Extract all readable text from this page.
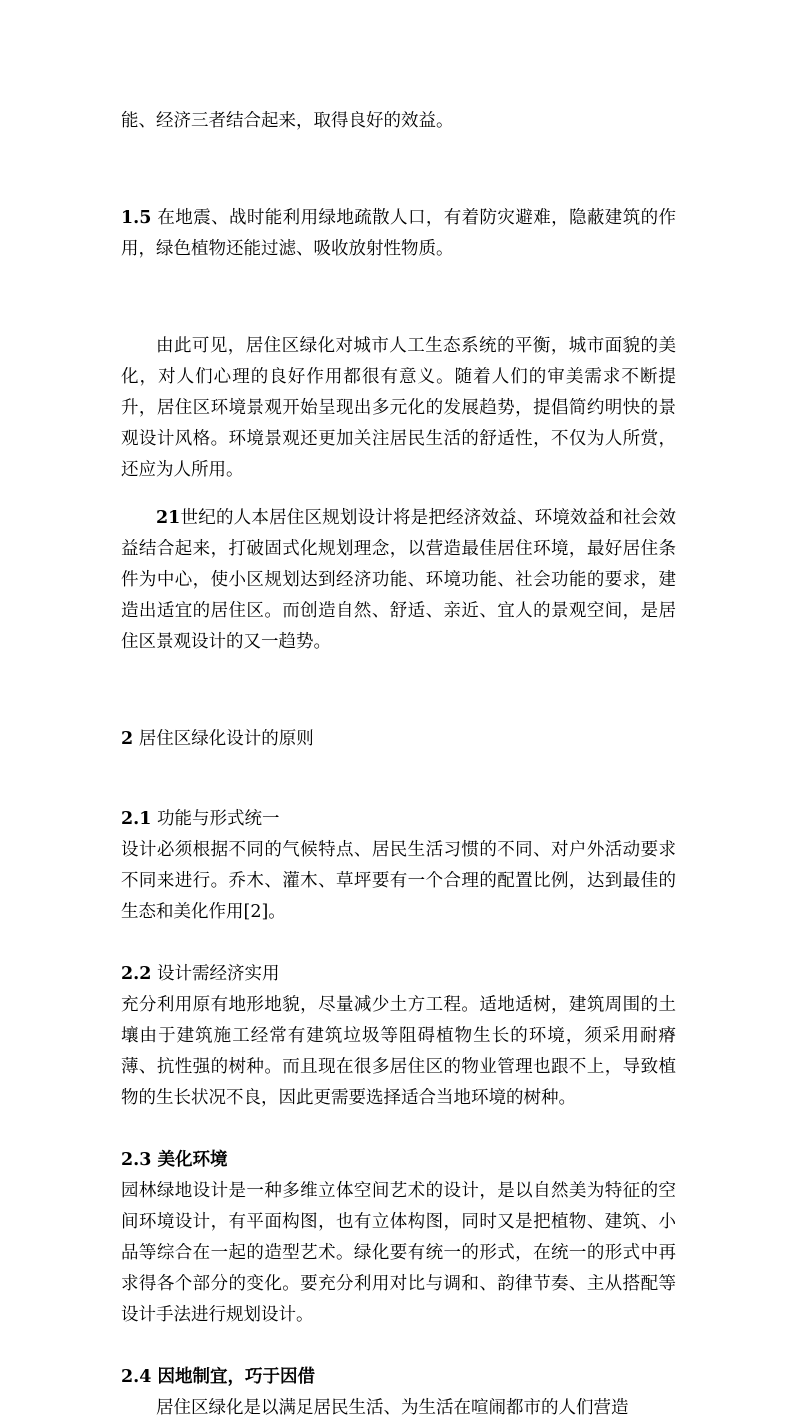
能、经济三者结合起来，取得良好的效益。

1.5 在地震、战时能利用绿地疏散人口，有着防灾避难，隐蔽建筑的作用，绿色植物还能过滤、吸收放射性物质。

由此可见，居住区绿化对城市人工生态系统的平衡，城市面貌的美化，对人们心理的良好作用都很有意义。随着人们的审美需求不断提升，居住区环境景观开始呈现出多元化的发展趋势，提倡简约明快的景观设计风格。环境景观还更加关注居民生活的舒适性，不仅为人所赏，还应为人所用。

21世纪的人本居住区规划设计将是把经济效益、环境效益和社会效益结合起来，打破固式化规划理念，以营造最佳居住环境，最好居住条件为中心，使小区规划达到经济功能、环境功能、社会功能的要求，建造出适宜的居住区。而创造自然、舒适、亲近、宜人的景观空间，是居住区景观设计的又一趋势。

2 居住区绿化设计的原则

2.1 功能与形式统一

设计必须根据不同的气候特点、居民生活习惯的不同、对户外活动要求不同来进行。乔木、灌木、草坪要有一个合理的配置比例，达到最佳的生态和美化作用[2]。

2.2 设计需经济实用

充分利用原有地形地貌，尽量减少土方工程。适地适树，建筑周围的土壤由于建筑施工经常有建筑垃圾等阻碍植物生长的环境，须采用耐瘠薄、抗性强的树种。而且现在很多居住区的物业管理也跟不上，导致植物的生长状况不良，因此更需要选择适合当地环境的树种。

2.3 美化环境

园林绿地设计是一种多维立体空间艺术的设计，是以自然美为特征的空间环境设计，有平面构图，也有立体构图，同时又是把植物、建筑、小品等综合在一起的造型艺术。绿化要有统一的形式，在统一的形式中再求得各个部分的变化。要充分利用对比与调和、韵律节奏、主从搭配等设计手法进行规划设计。

2.4 因地制宜，巧于因借

居住区绿化是以满足居民生活、为生活在喧闹都市的人们营造
